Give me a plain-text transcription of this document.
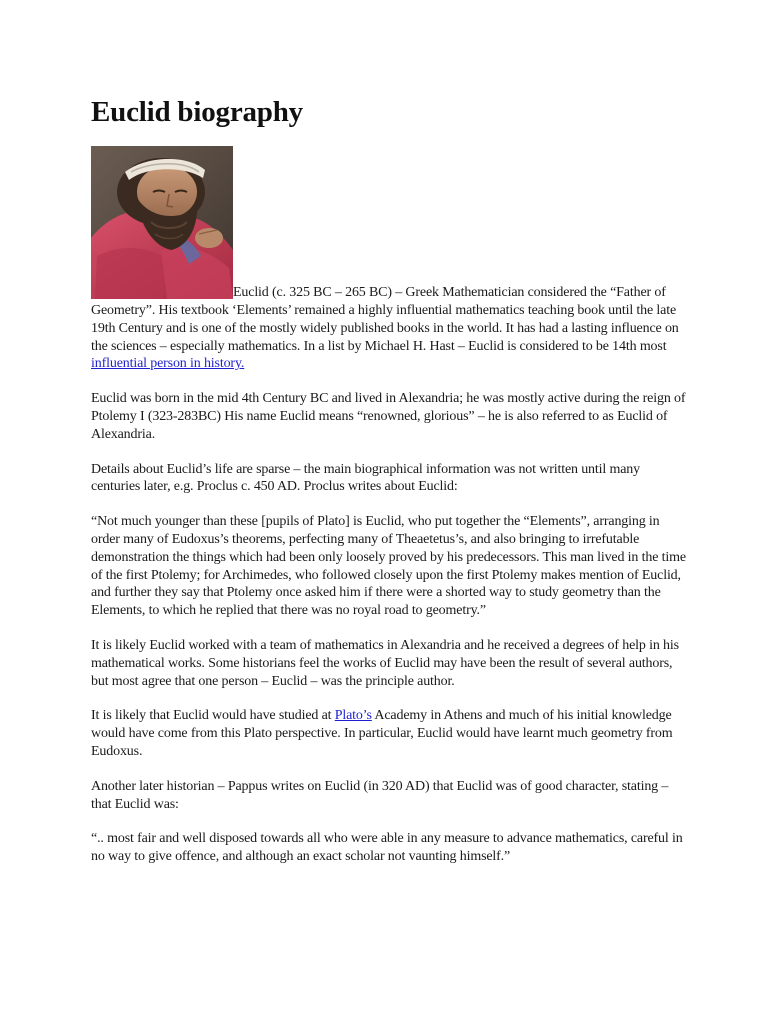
Euclid biography
Euclid (c. 325 BC – 265 BC) – Greek Mathematician considered the “Father of Geometry”. His textbook ‘Elements’ remained a highly influential mathematics teaching book until the late 19th Century and is one of the mostly widely published books in the world. It has had a lasting influence on the sciences – especially mathematics. In a list by Michael H. Hast – Euclid is considered to be 14th most influential person in history.

Euclid was born in the mid 4th Century BC and lived in Alexandria; he was mostly active during the reign of Ptolemy I (323-283BC) His name Euclid means “renowned, glorious” – he is also referred to as Euclid of Alexandria.

Details about Euclid’s life are sparse – the main biographical information was not written until many centuries later, e.g. Proclus c. 450 AD. Proclus writes about Euclid:

“Not much younger than these [pupils of Plato] is Euclid, who put together the “Elements”, arranging in order many of Eudoxus’s theorems, perfecting many of Theaetetus’s, and also bringing to irrefutable demonstration the things which had been only loosely proved by his predecessors. This man lived in the time of the first Ptolemy; for Archimedes, who followed closely upon the first Ptolemy makes mention of Euclid, and further they say that Ptolemy once asked him if there were a shorted way to study geometry than the Elements, to which he replied that there was no royal road to geometry.”

It is likely Euclid worked with a team of mathematics in Alexandria and he received a degrees of help in his mathematical works. Some historians feel the works of Euclid may have been the result of several authors, but most agree that one person – Euclid – was the principle author.

It is likely that Euclid would have studied at Plato’s Academy in Athens and much of his initial knowledge would have come from this Plato perspective. In particular, Euclid would have learnt much geometry from Eudoxus.

Another later historian – Pappus writes on Euclid (in 320 AD) that Euclid was of good character, stating – that Euclid was:

“.. most fair and well disposed towards all who were able in any measure to advance mathematics, careful in no way to give offence, and although an exact scholar not vaunting himself.”
